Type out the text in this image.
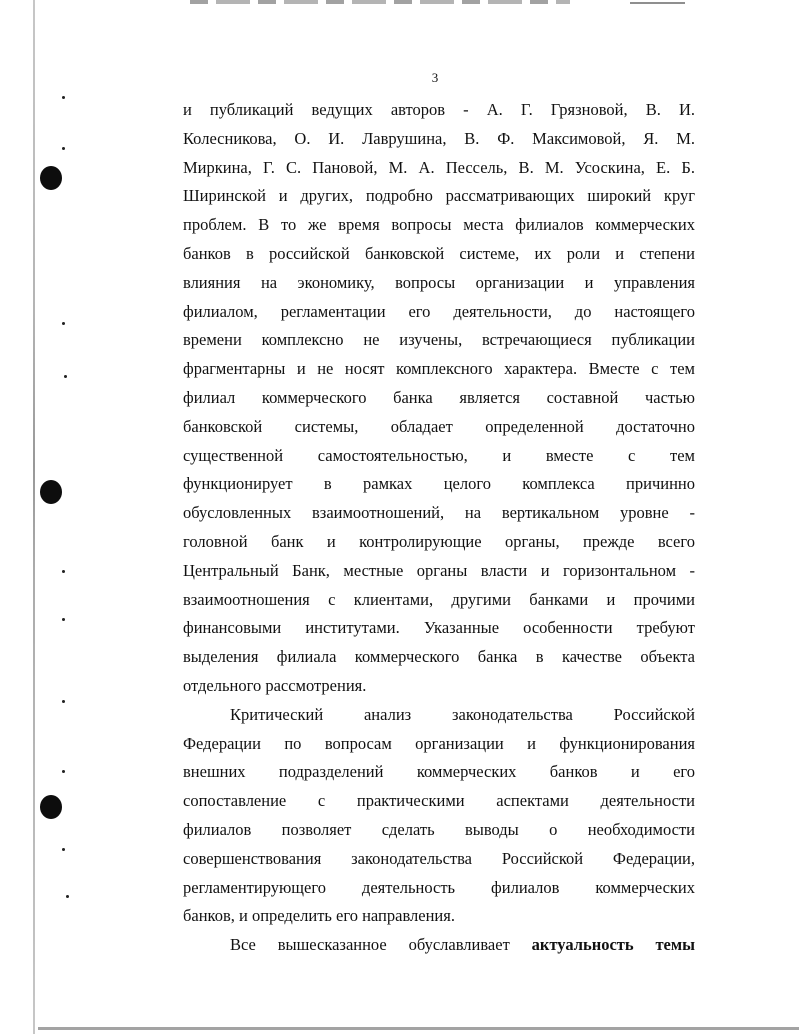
3
и публикаций ведущих авторов - А. Г. Грязновой, В. И.
Колесникова, О. И. Лаврушина, В. Ф. Максимовой, Я. М.
Миркина, Г. С. Пановой, М. А. Пессель, В. М. Усоскина, Е. Б.
Ширинской и других, подробно рассматривающих широкий круг
проблем. В то же время вопросы места филиалов коммерческих
банков в российской банковской системе, их роли и степени
влияния на экономику, вопросы организации и управления
филиалом, регламентации его деятельности, до настоящего
времени комплексно не изучены, встречающиеся публикации
фрагментарны и не носят комплексного характера. Вместе с тем
филиал коммерческого банка является составной частью
банковской системы, обладает определенной достаточно
существенной самостоятельностью, и вместе с тем
функционирует в рамках целого комплекса причинно
обусловленных взаимоотношений, на вертикальном уровне -
головной банк и контролирующие органы, прежде всего
Центральный Банк, местные органы власти и горизонтальном -
взаимоотношения с клиентами, другими банками и прочими
финансовыми институтами. Указанные особенности требуют
выделения филиала коммерческого банка в качестве объекта
отдельного рассмотрения.
Критический анализ законодательства Российской
Федерации по вопросам организации и функционирования
внешних подразделений коммерческих банков и его
сопоставление с практическими аспектами деятельности
филиалов позволяет сделать выводы о необходимости
совершенствования законодательства Российской Федерации,
регламентирующего деятельность филиалов коммерческих
банков, и определить его направления.
Все вышесказанное обуславливает актуальность темы
